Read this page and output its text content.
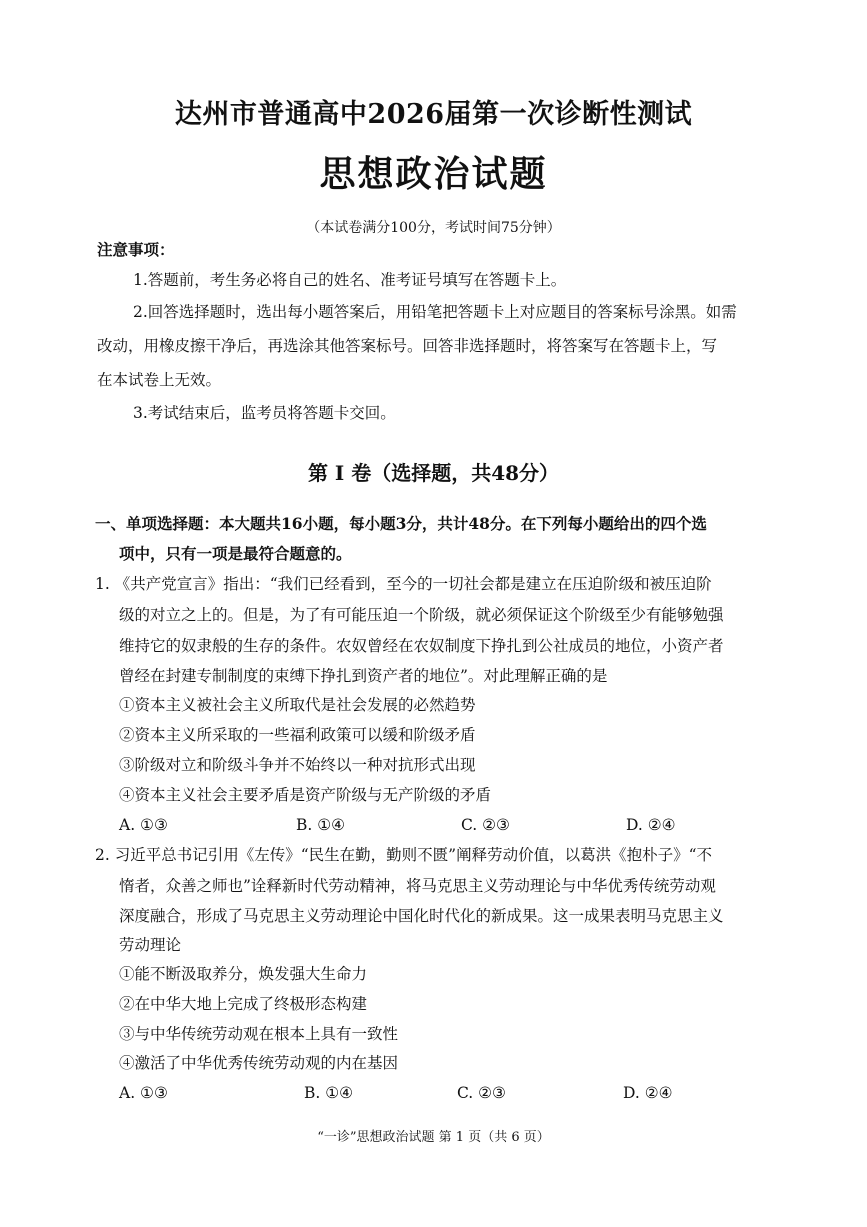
达州市普通高中2026届第一次诊断性测试
思想政治试题
（本试卷满分100分，考试时间75分钟）
注意事项：
1.答题前，考生务必将自己的姓名、准考证号填写在答题卡上。
2.回答选择题时，选出每小题答案后，用铅笔把答题卡上对应题目的答案标号涂黑。如需
改动，用橡皮擦干净后，再选涂其他答案标号。回答非选择题时，将答案写在答题卡上，写
在本试卷上无效。
3.考试结束后，监考员将答题卡交回。
第 I 卷（选择题，共48分）
一、单项选择题：本大题共16小题，每小题3分，共计48分。在下列每小题给出的四个选
项中，只有一项是最符合题意的。
1. 《共产党宣言》指出：“我们已经看到，至今的一切社会都是建立在压迫阶级和被压迫阶
级的对立之上的。但是，为了有可能压迫一个阶级，就必须保证这个阶级至少有能够勉强
维持它的奴隶般的生存的条件。农奴曾经在农奴制度下挣扎到公社成员的地位，小资产者
曾经在封建专制制度的束缚下挣扎到资产者的地位”。对此理解正确的是
①资本主义被社会主义所取代是社会发展的必然趋势
②资本主义所采取的一些福利政策可以缓和阶级矛盾
③阶级对立和阶级斗争并不始终以一种对抗形式出现
④资本主义社会主要矛盾是资产阶级与无产阶级的矛盾
A. ①③	B. ①④	C. ②③	D. ②④
2. 习近平总书记引用《左传》“民生在勤，勤则不匮”阐释劳动价值，以葛洪《抱朴子》“不
惰者，众善之师也”诠释新时代劳动精神，将马克思主义劳动理论与中华优秀传统劳动观
深度融合，形成了马克思主义劳动理论中国化时代化的新成果。这一成果表明马克思主义
劳动理论
①能不断汲取养分，焕发强大生命力
②在中华大地上完成了终极形态构建
③与中华传统劳动观在根本上具有一致性
④激活了中华优秀传统劳动观的内在基因
A. ①③	B. ①④	C. ②③	D. ②④
“一诊”思想政治试题 第 1 页（共 6 页）
